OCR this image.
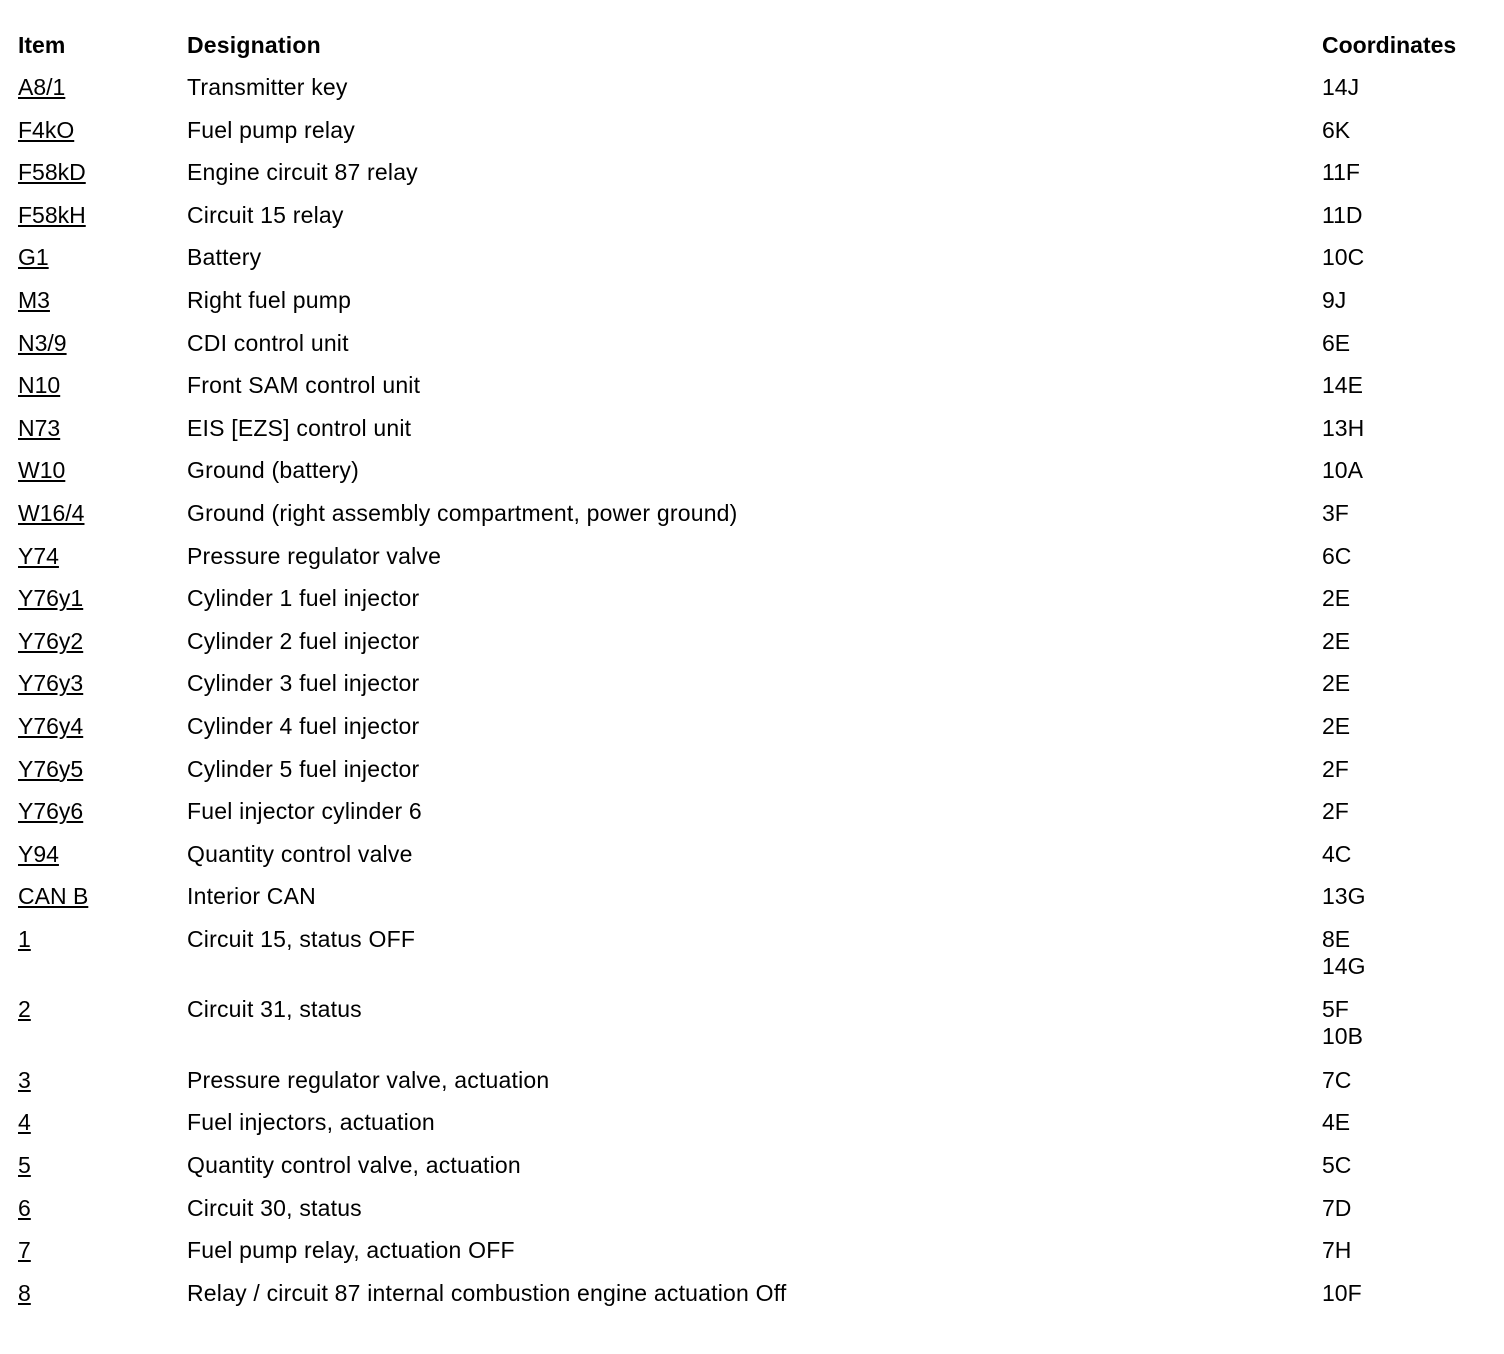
Item	Designation	Coordinates
A8/1	Transmitter key	14J
F4kO	Fuel pump relay	6K
F58kD	Engine circuit 87 relay	11F
F58kH	Circuit 15 relay	11D
G1	Battery	10C
M3	Right fuel pump	9J
N3/9	CDI control unit	6E
N10	Front SAM control unit	14E
N73	EIS [EZS] control unit	13H
W10	Ground (battery)	10A
W16/4	Ground (right assembly compartment, power ground)	3F
Y74	Pressure regulator valve	6C
Y76y1	Cylinder 1 fuel injector	2E
Y76y2	Cylinder 2 fuel injector	2E
Y76y3	Cylinder 3 fuel injector	2E
Y76y4	Cylinder 4 fuel injector	2E
Y76y5	Cylinder 5 fuel injector	2F
Y76y6	Fuel injector cylinder 6	2F
Y94	Quantity control valve	4C
CAN B	Interior CAN	13G
1	Circuit 15, status OFF	8E
14G
2	Circuit 31, status	5F
10B
3	Pressure regulator valve, actuation	7C
4	Fuel injectors, actuation	4E
5	Quantity control valve, actuation	5C
6	Circuit 30, status	7D
7	Fuel pump relay, actuation OFF	7H
8	Relay / circuit 87 internal combustion engine actuation Off	10F
